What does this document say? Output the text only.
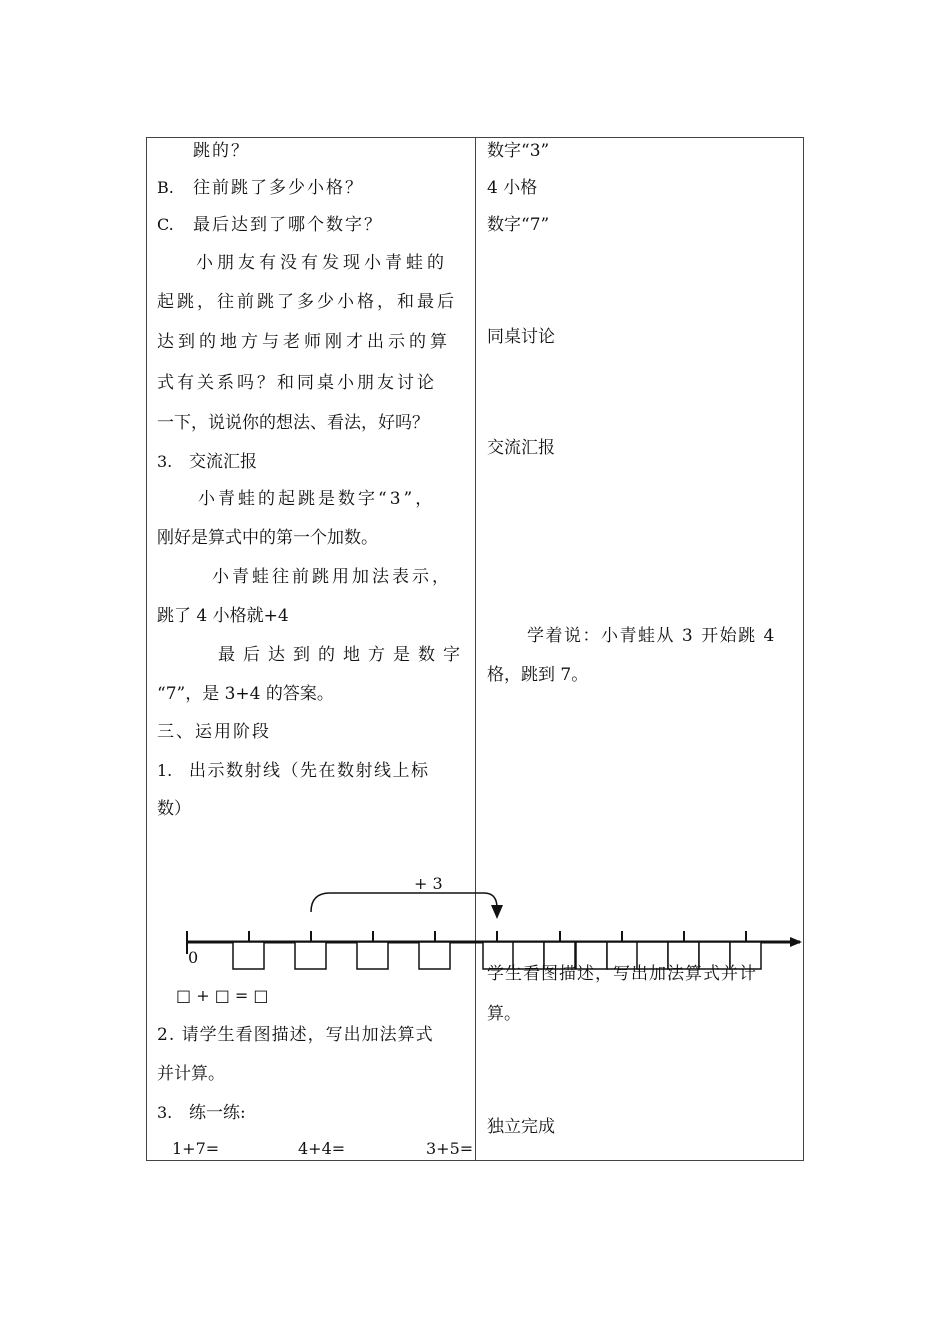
跳的？
B. 往前跳了多少小格？
C. 最后达到了哪个数字？
小朋友有没有发现小青蛙的
起跳，往前跳了多少小格，和最后
达到的地方与老师刚才出示的算
式有关系吗？和同桌小朋友讨论
一下，说说你的想法、看法，好吗？
3. 交流汇报
小青蛙的起跳是数字“3”，
刚好是算式中的第一个加数。
小青蛙往前跳用加法表示，
跳了 4 小格就+4
最后达到的地方是数字
“7”，是 3+4 的答案。
三、运用阶段
1. 出示数射线（先在数射线上标
数）
0
+ 3
□ + □ = □
2. 请学生看图描述，写出加法算式
并计算。
3. 练一练:
1+7=	4+4=	3+5=
数字“3”
4 小格
数字“7”
同桌讨论
交流汇报
学着说：小青蛙从 3 开始跳 4
格，跳到 7。
学生看图描述，写出加法算式并计
算。
独立完成
